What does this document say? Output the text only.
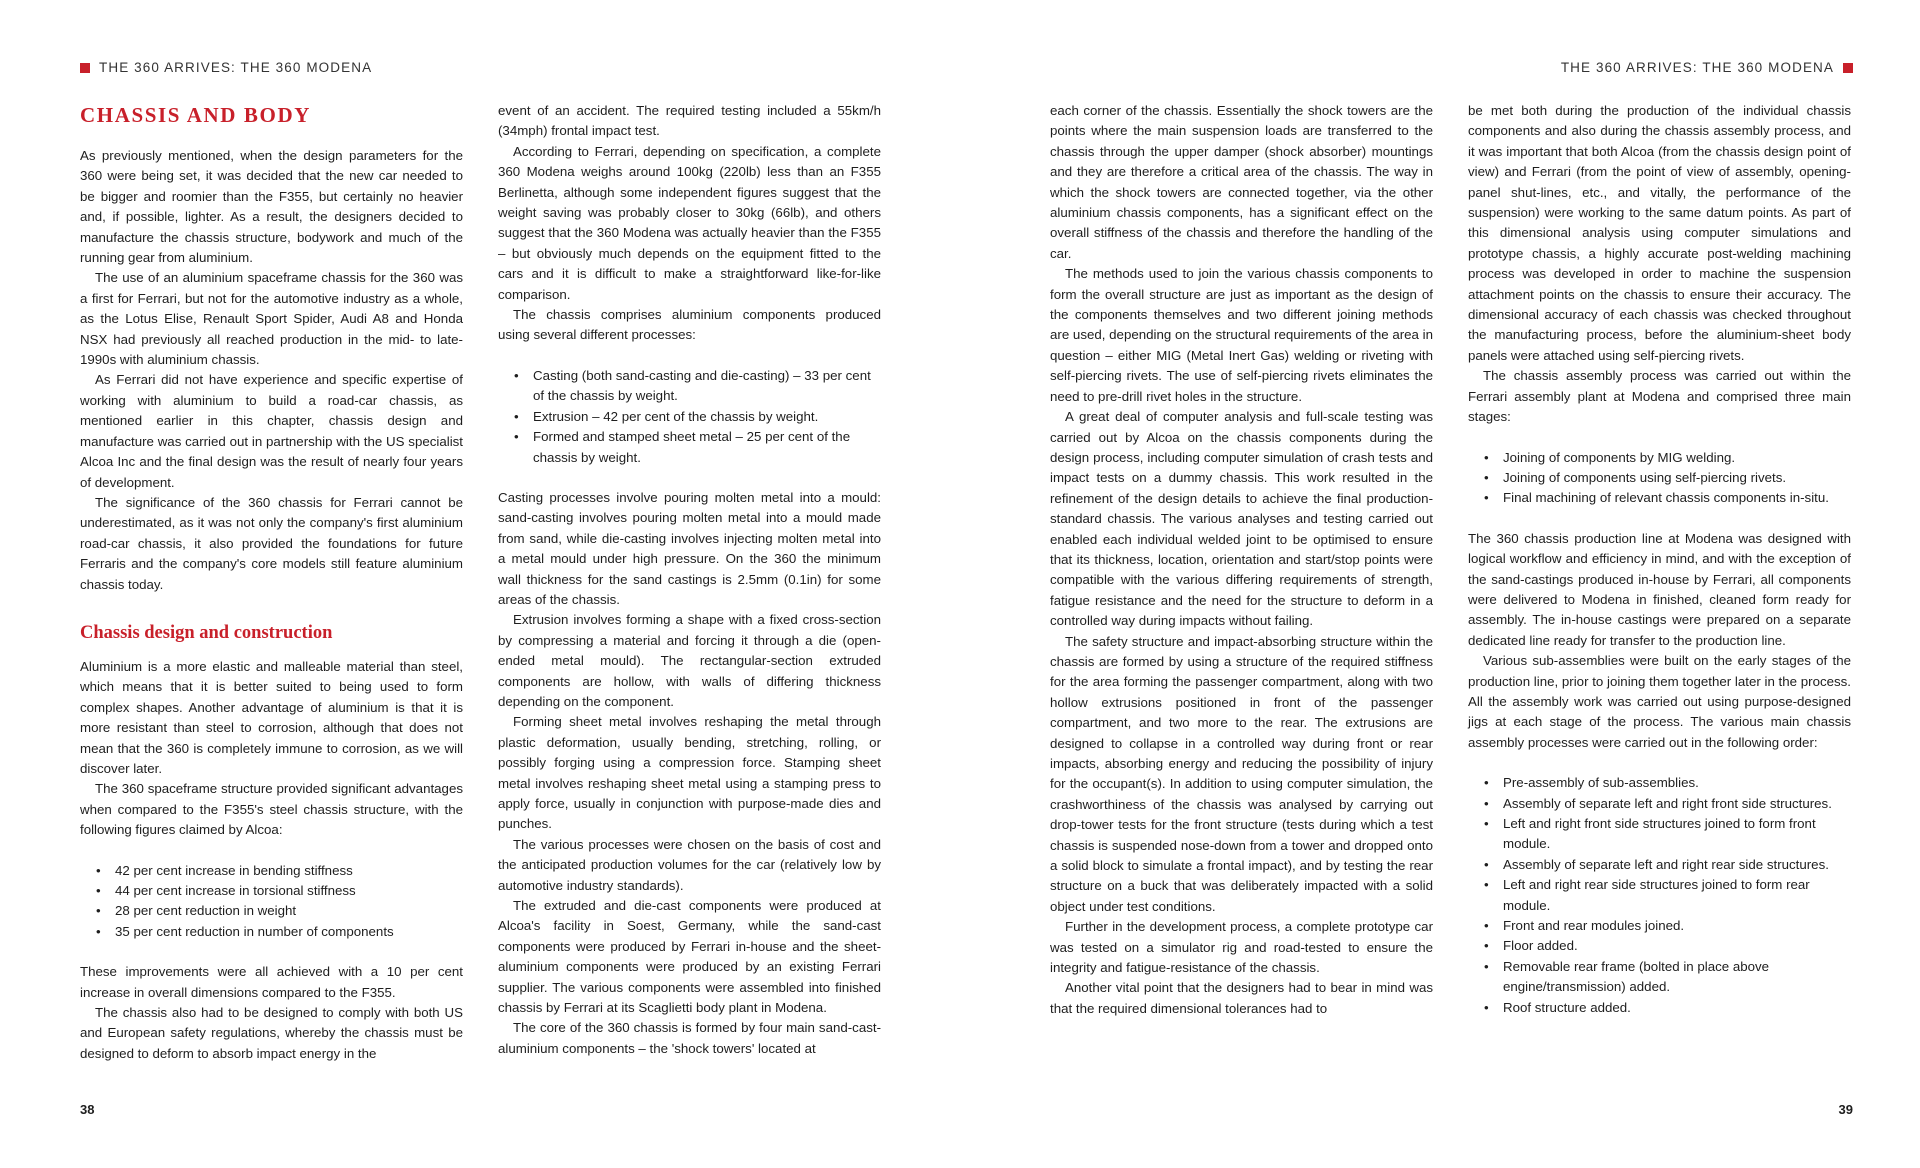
THE 360 ARRIVES: THE 360 MODENA
CHASSIS AND BODY

As previously mentioned, when the design parameters for the 360 were being set, it was decided that the new car needed to be bigger and roomier than the F355, but certainly no heavier and, if possible, lighter. As a result, the designers decided to manufacture the chassis structure, bodywork and much of the running gear from aluminium.

The use of an aluminium spaceframe chassis for the 360 was a first for Ferrari, but not for the automotive industry as a whole, as the Lotus Elise, Renault Sport Spider, Audi A8 and Honda NSX had previously all reached production in the mid- to late-1990s with aluminium chassis.

As Ferrari did not have experience and specific expertise of working with aluminium to build a road-car chassis, as mentioned earlier in this chapter, chassis design and manufacture was carried out in partnership with the US specialist Alcoa Inc and the final design was the result of nearly four years of development.

The significance of the 360 chassis for Ferrari cannot be underestimated, as it was not only the company's first aluminium road-car chassis, it also provided the foundations for future Ferraris and the company's core models still feature aluminium chassis today.

Chassis design and construction

Aluminium is a more elastic and malleable material than steel, which means that it is better suited to being used to form complex shapes. Another advantage of aluminium is that it is more resistant than steel to corrosion, although that does not mean that the 360 is completely immune to corrosion, as we will discover later.

The 360 spaceframe structure provided significant advantages when compared to the F355's steel chassis structure, with the following figures claimed by Alcoa:

• 42 per cent increase in bending stiffness
• 44 per cent increase in torsional stiffness
• 28 per cent reduction in weight
• 35 per cent reduction in number of components

These improvements were all achieved with a 10 per cent increase in overall dimensions compared to the F355.

The chassis also had to be designed to comply with both US and European safety regulations, whereby the chassis must be designed to deform to absorb impact energy in the

event of an accident. The required testing included a 55km/h (34mph) frontal impact test.

According to Ferrari, depending on specification, a complete 360 Modena weighs around 100kg (220lb) less than an F355 Berlinetta, although some independent figures suggest that the weight saving was probably closer to 30kg (66lb), and others suggest that the 360 Modena was actually heavier than the F355 – but obviously much depends on the equipment fitted to the cars and it is difficult to make a straightforward like-for-like comparison.

The chassis comprises aluminium components produced using several different processes:

• Casting (both sand-casting and die-casting) – 33 per cent of the chassis by weight.
• Extrusion – 42 per cent of the chassis by weight.
• Formed and stamped sheet metal – 25 per cent of the chassis by weight.

Casting processes involve pouring molten metal into a mould: sand-casting involves pouring molten metal into a mould made from sand, while die-casting involves injecting molten metal into a metal mould under high pressure. On the 360 the minimum wall thickness for the sand castings is 2.5mm (0.1in) for some areas of the chassis.

Extrusion involves forming a shape with a fixed cross-section by compressing a material and forcing it through a die (open-ended metal mould). The rectangular-section extruded components are hollow, with walls of differing thickness depending on the component.

Forming sheet metal involves reshaping the metal through plastic deformation, usually bending, stretching, rolling, or possibly forging using a compression force. Stamping sheet metal involves reshaping sheet metal using a stamping press to apply force, usually in conjunction with purpose-made dies and punches.

The various processes were chosen on the basis of cost and the anticipated production volumes for the car (relatively low by automotive industry standards).

The extruded and die-cast components were produced at Alcoa's facility in Soest, Germany, while the sand-cast components were produced by Ferrari in-house and the sheet-aluminium components were produced by an existing Ferrari supplier. The various components were assembled into finished chassis by Ferrari at its Scaglietti body plant in Modena.

The core of the 360 chassis is formed by four main sand-cast-aluminium components – the 'shock towers' located at

38
THE 360 ARRIVES: THE 360 MODENA

each corner of the chassis. Essentially the shock towers are the points where the main suspension loads are transferred to the chassis through the upper damper (shock absorber) mountings and they are therefore a critical area of the chassis. The way in which the shock towers are connected together, via the other aluminium chassis components, has a significant effect on the overall stiffness of the chassis and therefore the handling of the car.

The methods used to join the various chassis components to form the overall structure are just as important as the design of the components themselves and two different joining methods are used, depending on the structural requirements of the area in question – either MIG (Metal Inert Gas) welding or riveting with self-piercing rivets. The use of self-piercing rivets eliminates the need to pre-drill rivet holes in the structure.

A great deal of computer analysis and full-scale testing was carried out by Alcoa on the chassis components during the design process, including computer simulation of crash tests and impact tests on a dummy chassis. This work resulted in the refinement of the design details to achieve the final production-standard chassis. The various analyses and testing carried out enabled each individual welded joint to be optimised to ensure that its thickness, location, orientation and start/stop points were compatible with the various differing requirements of strength, fatigue resistance and the need for the structure to deform in a controlled way during impacts without failing.

The safety structure and impact-absorbing structure within the chassis are formed by using a structure of the required stiffness for the area forming the passenger compartment, along with two hollow extrusions positioned in front of the passenger compartment, and two more to the rear. The extrusions are designed to collapse in a controlled way during front or rear impacts, absorbing energy and reducing the possibility of injury for the occupant(s). In addition to using computer simulation, the crashworthiness of the chassis was analysed by carrying out drop-tower tests for the front structure (tests during which a test chassis is suspended nose-down from a tower and dropped onto a solid block to simulate a frontal impact), and by testing the rear structure on a buck that was deliberately impacted with a solid object under test conditions.

Further in the development process, a complete prototype car was tested on a simulator rig and road-tested to ensure the integrity and fatigue-resistance of the chassis.

Another vital point that the designers had to bear in mind was that the required dimensional tolerances had to

be met both during the production of the individual chassis components and also during the chassis assembly process, and it was important that both Alcoa (from the chassis design point of view) and Ferrari (from the point of view of assembly, opening-panel shut-lines, etc., and vitally, the performance of the suspension) were working to the same datum points. As part of this dimensional analysis using computer simulations and prototype chassis, a highly accurate post-welding machining process was developed in order to machine the suspension attachment points on the chassis to ensure their accuracy. The dimensional accuracy of each chassis was checked throughout the manufacturing process, before the aluminium-sheet body panels were attached using self-piercing rivets.

The chassis assembly process was carried out within the Ferrari assembly plant at Modena and comprised three main stages:

• Joining of components by MIG welding.
• Joining of components using self-piercing rivets.
• Final machining of relevant chassis components in-situ.

The 360 chassis production line at Modena was designed with logical workflow and efficiency in mind, and with the exception of the sand-castings produced in-house by Ferrari, all components were delivered to Modena in finished, cleaned form ready for assembly. The in-house castings were prepared on a separate dedicated line ready for transfer to the production line.

Various sub-assemblies were built on the early stages of the production line, prior to joining them together later in the process. All the assembly work was carried out using purpose-designed jigs at each stage of the process. The various main chassis assembly processes were carried out in the following order:

• Pre-assembly of sub-assemblies.
• Assembly of separate left and right front side structures.
• Left and right front side structures joined to form front module.
• Assembly of separate left and right rear side structures.
• Left and right rear side structures joined to form rear module.
• Front and rear modules joined.
• Floor added.
• Removable rear frame (bolted in place above engine/transmission) added.
• Roof structure added.
39
